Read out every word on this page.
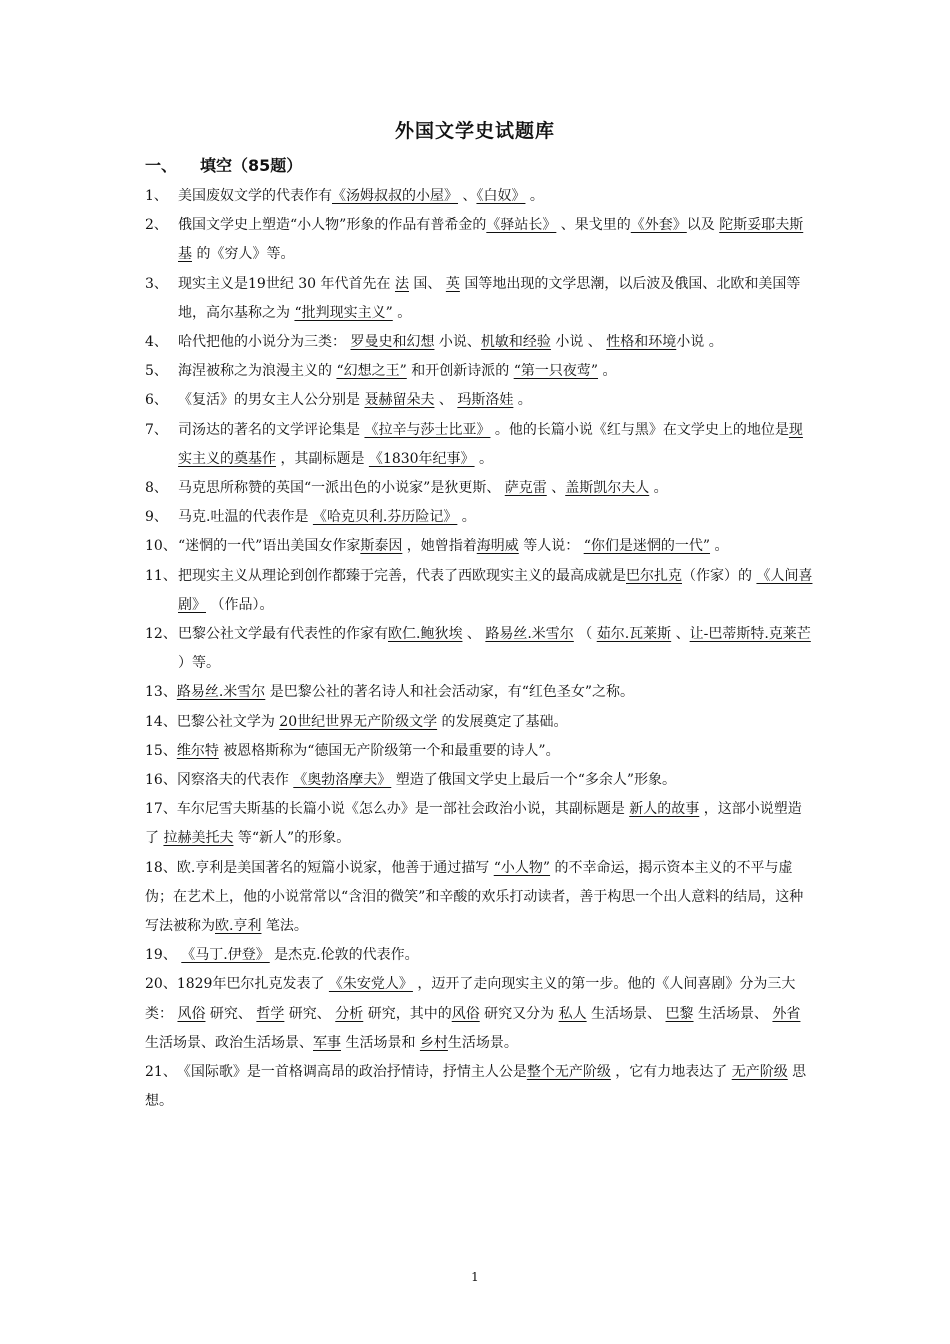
外国文学史试题库
一、 填空（85题）

1、 美国废奴文学的代表作有《汤姆叔叔的小屋》 、《白奴》 。

2、 俄国文学史上塑造“小人物”形象的作品有普希金的《驿站长》 、果戈里的《外套》以及 陀斯妥耶夫斯基 的《穷人》等。

3、 现实主义是19世纪 30 年代首先在 法 国、 英 国等地出现的文学思潮，以后波及俄国、北欧和美国等地，高尔基称之为 “批判现实主义” 。

4、 哈代把他的小说分为三类： 罗曼史和幻想 小说、机敏和经验 小说 、 性格和环境小说 。

5、 海涅被称之为浪漫主义的 “幻想之王” 和开创新诗派的 “第一只夜莺” 。

6、 《复活》的男女主人公分别是 聂赫留朵夫 、 玛斯洛娃 。

7、 司汤达的著名的文学评论集是 《拉辛与莎士比亚》 。他的长篇小说《红与黑》在文学史上的地位是现实主义的奠基作 ，其副标题是 《1830年纪事》 。

8、 马克思所称赞的英国“一派出色的小说家”是狄更斯、 萨克雷 、盖斯凯尔夫人 。

9、 马克.吐温的代表作是 《哈克贝利.芬历险记》 。

10、 “迷惘的一代”语出美国女作家斯泰因 ，她曾指着海明威 等人说： “你们是迷惘的一代” 。

11、 把现实主义从理论到创作都臻于完善，代表了西欧现实主义的最高成就是巴尔扎克（作家）的 《人间喜剧》 （作品）。

12、 巴黎公社文学最有代表性的作家有欧仁.鲍狄埃 、 路易丝.米雪尔 （ 茹尔.瓦莱斯 、让-巴蒂斯特.克莱芒 ）等。

13、路易丝.米雪尔 是巴黎公社的著名诗人和社会活动家，有“红色圣女”之称。

14、巴黎公社文学为 20世纪世界无产阶级文学 的发展奠定了基础。

15、维尔特 被恩格斯称为“德国无产阶级第一个和最重要的诗人”。

16、冈察洛夫的代表作 《奥勃洛摩夫》 塑造了俄国文学史上最后一个“多余人”形象。

17、车尔尼雪夫斯基的长篇小说《怎么办》是一部社会政治小说，其副标题是 新人的故事 ，这部小说塑造了 拉赫美托夫 等“新人”的形象。

18、欧.亨利是美国著名的短篇小说家，他善于通过描写 “小人物” 的不幸命运，揭示资本主义的不平与虚伪；在艺术上，他的小说常常以“含泪的微笑”和辛酸的欢乐打动读者，善于构思一个出人意料的结局，这种写法被称为欧.亨利 笔法。

19、 《马丁.伊登》 是杰克.伦敦的代表作。

20、1829年巴尔扎克发表了 《朱安党人》 ，迈开了走向现实主义的第一步。他的《人间喜剧》分为三大类： 风俗 研究、 哲学 研究、 分析 研究，其中的风俗 研究又分为 私人 生活场景、 巴黎 生活场景、 外省 生活场景、政治生活场景、军事 生活场景和 乡村生活场景。

21、《国际歌》是一首格调高昂的政治抒情诗，抒情主人公是整个无产阶级 ，它有力地表达了 无产阶级 思想。

1
